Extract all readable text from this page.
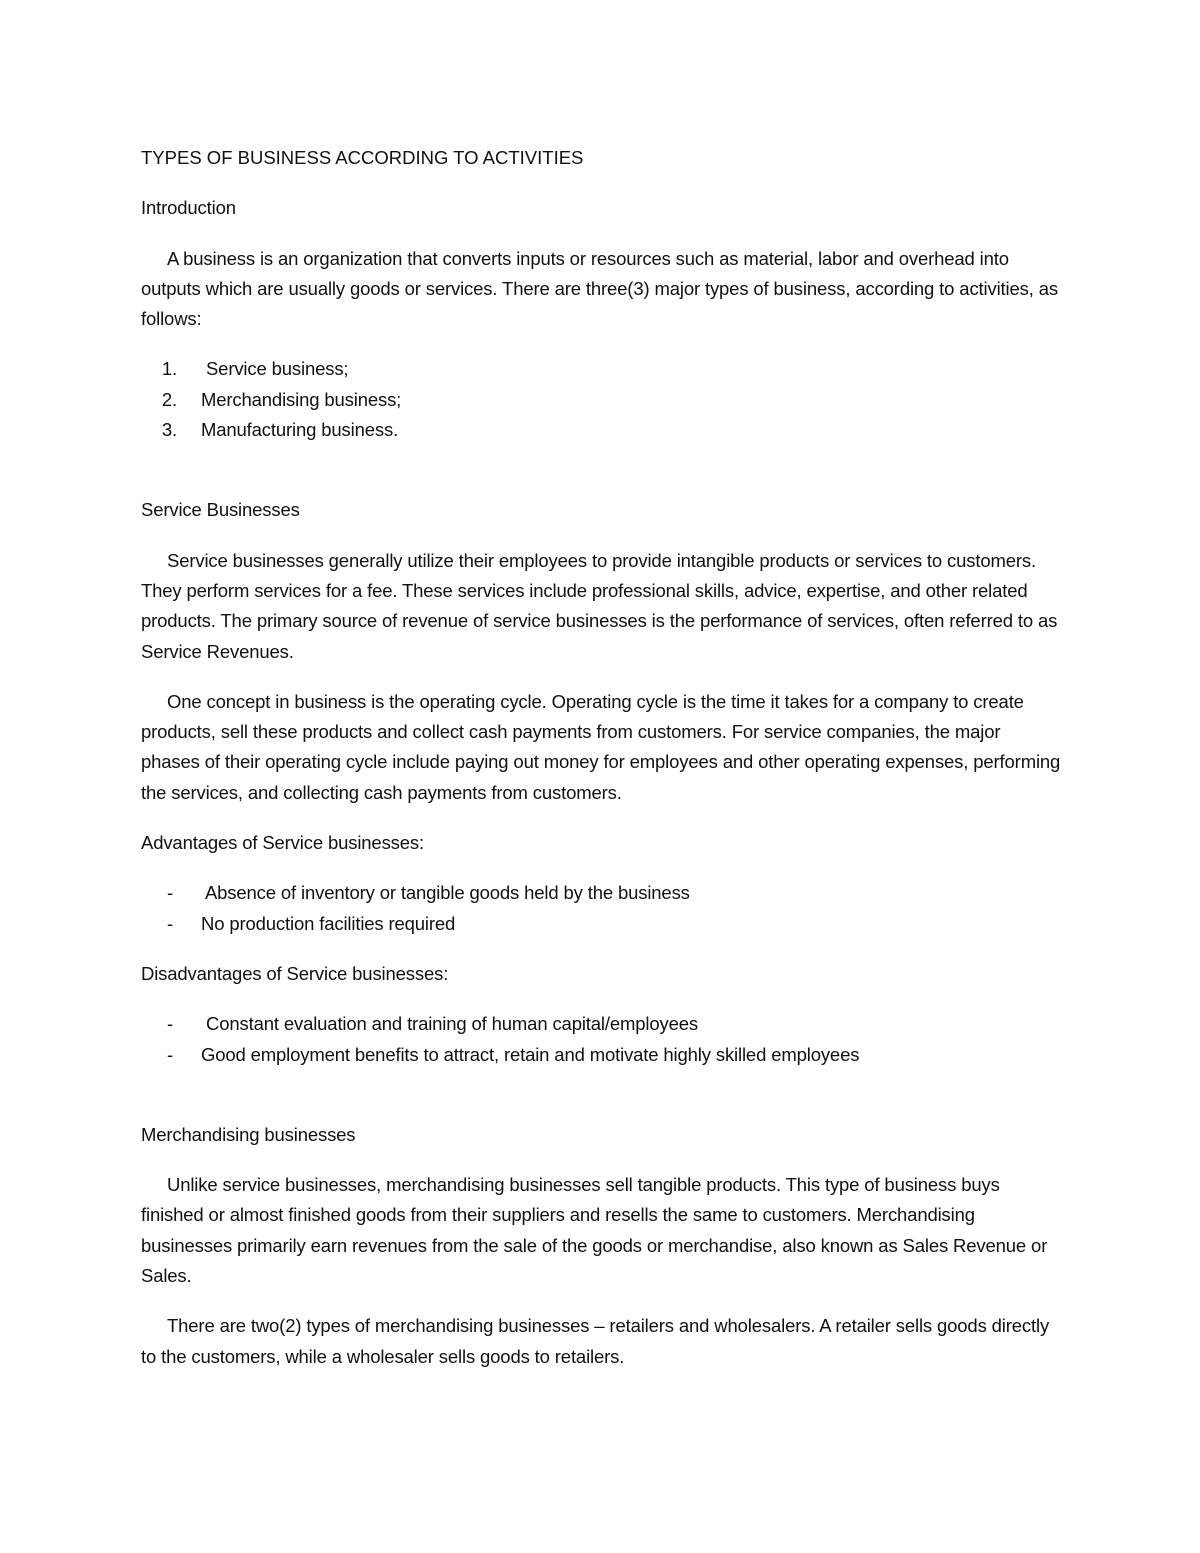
TYPES OF BUSINESS ACCORDING TO ACTIVITIES
Introduction

A business is an organization that converts inputs or resources such as material, labor and overhead into outputs which are usually goods or services. There are three(3) major types of business, according to activities, as follows:

1. Service business;
2. Merchandising business;
3. Manufacturing business.
Service Businesses

Service businesses generally utilize their employees to provide intangible products or services to customers. They perform services for a fee. These services include professional skills, advice, expertise, and other related products. The primary source of revenue of service businesses is the performance of services, often referred to as Service Revenues.

One concept in business is the operating cycle. Operating cycle is the time it takes for a company to create products, sell these products and collect cash payments from customers. For service companies, the major phases of their operating cycle include paying out money for employees and other operating expenses, performing the services, and collecting cash payments from customers.

Advantages of Service businesses:

- Absence of inventory or tangible goods held by the business
- No production facilities required

Disadvantages of Service businesses:

- Constant evaluation and training of human capital/employees
- Good employment benefits to attract, retain and motivate highly skilled employees
Merchandising businesses

Unlike service businesses, merchandising businesses sell tangible products. This type of business buys finished or almost finished goods from their suppliers and resells the same to customers. Merchandising businesses primarily earn revenues from the sale of the goods or merchandise, also known as Sales Revenue or Sales.

There are two(2) types of merchandising businesses – retailers and wholesalers. A retailer sells goods directly to the customers, while a wholesaler sells goods to retailers.
